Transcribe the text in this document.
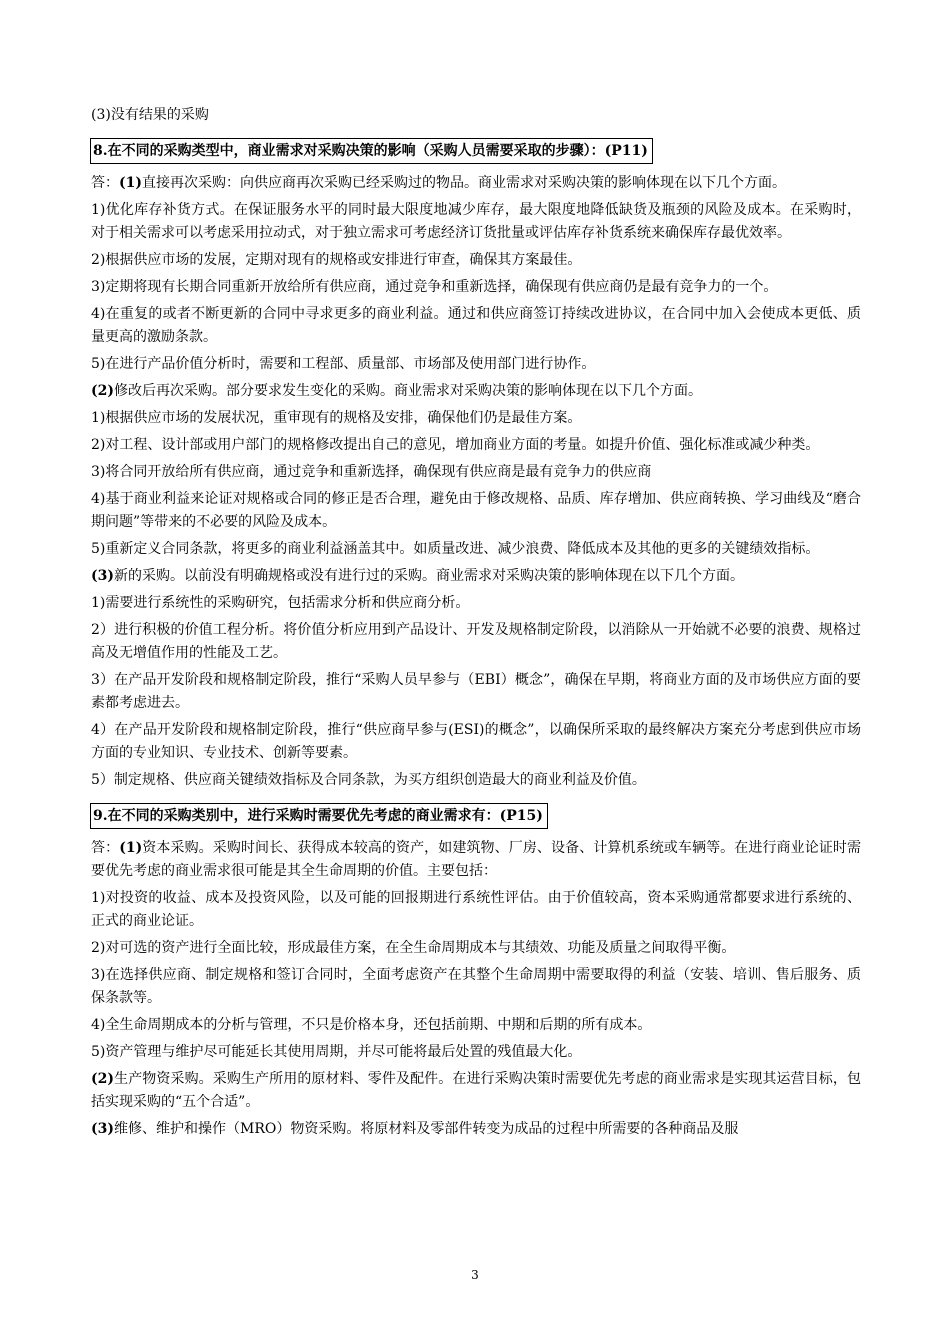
(3)没有结果的采购

8.在不同的采购类型中，商业需求对采购决策的影响（采购人员需要采取的步骤）：(P11)

答：(1)直接再次采购：向供应商再次采购已经采购过的物品。商业需求对采购决策的影响体现在以下几个方面。

1)优化库存补货方式。在保证服务水平的同时最大限度地减少库存，最大限度地降低缺货及瓶颈的风险及成本。在采购时，对于相关需求可以考虑采用拉动式，对于独立需求可考虑经济订货批量或评估库存补货系统来确保库存最优效率。

2)根据供应市场的发展，定期对现有的规格或安排进行审查，确保其方案最佳。

3)定期将现有长期合同重新开放给所有供应商，通过竞争和重新选择，确保现有供应商仍是最有竞争力的一个。

4)在重复的或者不断更新的合同中寻求更多的商业利益。通过和供应商签订持续改进协议，在合同中加入会使成本更低、质量更高的激励条款。

5)在进行产品价值分析时，需要和工程部、质量部、市场部及使用部门进行协作。

(2)修改后再次采购。部分要求发生变化的采购。商业需求对采购决策的影响体现在以下几个方面。

1)根据供应市场的发展状况，重审现有的规格及安排，确保他们仍是最佳方案。

2)对工程、设计部或用户部门的规格修改提出自己的意见，增加商业方面的考量。如提升价值、强化标准或减少种类。

3)将合同开放给所有供应商，通过竞争和重新选择，确保现有供应商是最有竞争力的供应商

4)基于商业利益来论证对规格或合同的修正是否合理，避免由于修改规格、品质、库存增加、供应商转换、学习曲线及“磨合期问题”等带来的不必要的风险及成本。

5)重新定义合同条款，将更多的商业利益涵盖其中。如质量改进、减少浪费、降低成本及其他的更多的关键绩效指标。

(3)新的采购。以前没有明确规格或没有进行过的采购。商业需求对采购决策的影响体现在以下几个方面。

1)需要进行系统性的采购研究，包括需求分析和供应商分析。

2）进行积极的价值工程分析。将价值分析应用到产品设计、开发及规格制定阶段，以消除从一开始就不必要的浪费、规格过高及无增值作用的性能及工艺。

3）在产品开发阶段和规格制定阶段，推行“采购人员早参与（EBI）概念”，确保在早期，将商业方面的及市场供应方面的要素都考虑进去。

4）在产品开发阶段和规格制定阶段，推行“供应商早参与(ESI)的概念”，以确保所采取的最终解决方案充分考虑到供应市场方面的专业知识、专业技术、创新等要素。

5）制定规格、供应商关键绩效指标及合同条款，为买方组织创造最大的商业利益及价值。

9.在不同的采购类别中，进行采购时需要优先考虑的商业需求有：(P15)

答：(1)资本采购。采购时间长、获得成本较高的资产，如建筑物、厂房、设备、计算机系统或车辆等。在进行商业论证时需要优先考虑的商业需求很可能是其全生命周期的价值。主要包括：

1)对投资的收益、成本及投资风险，以及可能的回报期进行系统性评估。由于价值较高，资本采购通常都要求进行系统的、正式的商业论证。

2)对可选的资产进行全面比较，形成最佳方案，在全生命周期成本与其绩效、功能及质量之间取得平衡。

3)在选择供应商、制定规格和签订合同时，全面考虑资产在其整个生命周期中需要取得的利益（安装、培训、售后服务、质保条款等。

4)全生命周期成本的分析与管理，不只是价格本身，还包括前期、中期和后期的所有成本。

5)资产管理与维护尽可能延长其使用周期，并尽可能将最后处置的残值最大化。

(2)生产物资采购。采购生产所用的原材料、零件及配件。在进行采购决策时需要优先考虑的商业需求是实现其运营目标，包括实现采购的“五个合适”。

(3)维修、维护和操作（MRO）物资采购。将原材料及零部件转变为成品的过程中所需要的各种商品及服

3
